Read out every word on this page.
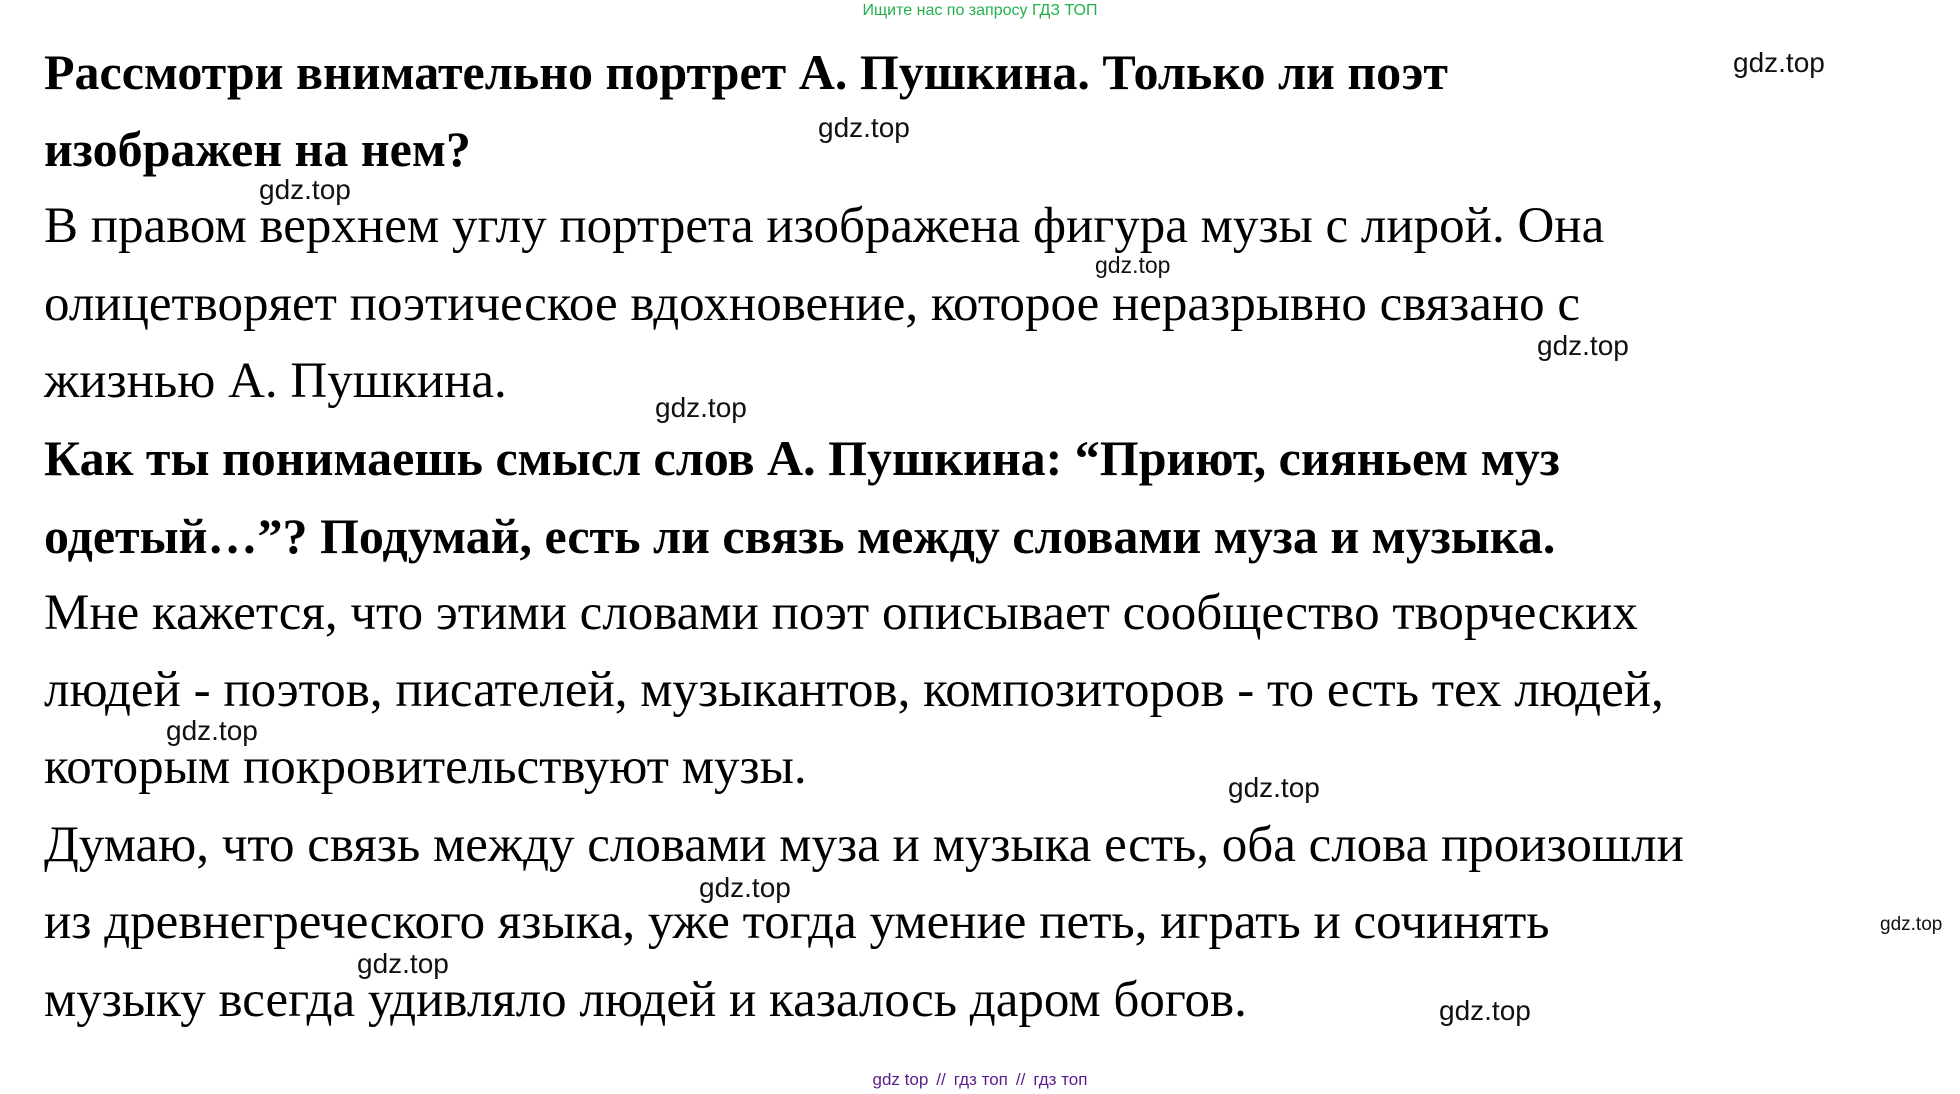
Ищите нас по запросу ГДЗ ТОП
Рассмотри внимательно портрет А. Пушкина. Только ли поэт
изображен на нем?
В правом верхнем углу портрета изображена фигура музы с лирой. Она
олицетворяет поэтическое вдохновение, которое неразрывно связано с
жизнью А. Пушкина.
Как ты понимаешь смысл слов А. Пушкина: “Приют, сияньем муз
одетый…”? Подумай, есть ли связь между словами муза и музыка.
Мне кажется, что этими словами поэт описывает сообщество творческих
людей - поэтов, писателей, музыкантов, композиторов - то есть тех людей,
которым покровительствуют музы.
Думаю, что связь между словами муза и музыка есть, оба слова произошли
из древнегреческого языка, уже тогда умение петь, играть и сочинять
музыку всегда удивляло людей и казалось даром богов.
gdz.top
gdz.top
gdz.top
gdz.top
gdz.top
gdz.top
gdz.top
gdz.top
gdz.top
gdz.top
gdz.top
gdz.top
gdz top // гдз топ // гдз топ
